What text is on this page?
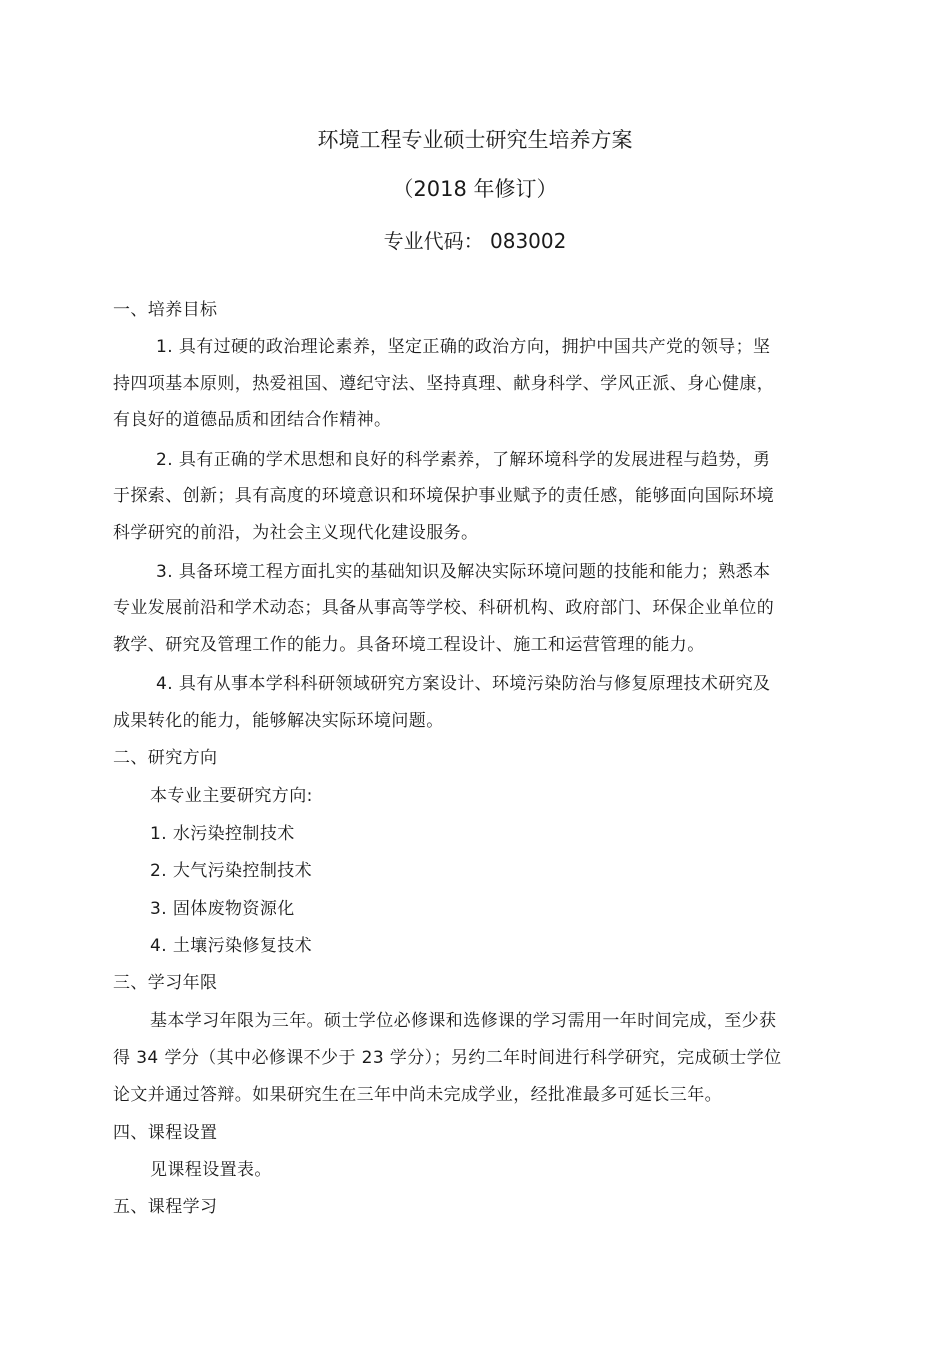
环境工程专业硕士研究生培养方案
（2018 年修订）
专业代码： 083002
一、培养目标
1. 具有过硬的政治理论素养，坚定正确的政治方向，拥护中国共产党的领导；坚
持四项基本原则，热爱祖国、遵纪守法、坚持真理、献身科学、学风正派、身心健康，
有良好的道德品质和团结合作精神。
2. 具有正确的学术思想和良好的科学素养，了解环境科学的发展进程与趋势，勇
于探索、创新；具有高度的环境意识和环境保护事业赋予的责任感，能够面向国际环境
科学研究的前沿，为社会主义现代化建设服务。
3. 具备环境工程方面扎实的基础知识及解决实际环境问题的技能和能力；熟悉本
专业发展前沿和学术动态；具备从事高等学校、科研机构、政府部门、环保企业单位的
教学、研究及管理工作的能力。具备环境工程设计、施工和运营管理的能力。
4. 具有从事本学科科研领域研究方案设计、环境污染防治与修复原理技术研究及
成果转化的能力，能够解决实际环境问题。
二、研究方向
本专业主要研究方向:
1. 水污染控制技术
2. 大气污染控制技术
3. 固体废物资源化
4. 土壤污染修复技术
三、学习年限
基本学习年限为三年。硕士学位必修课和选修课的学习需用一年时间完成，至少获
得 34 学分（其中必修课不少于 23 学分）；另约二年时间进行科学研究，完成硕士学位
论文并通过答辩。如果研究生在三年中尚未完成学业，经批准最多可延长三年。
四、课程设置
见课程设置表。
五、课程学习
